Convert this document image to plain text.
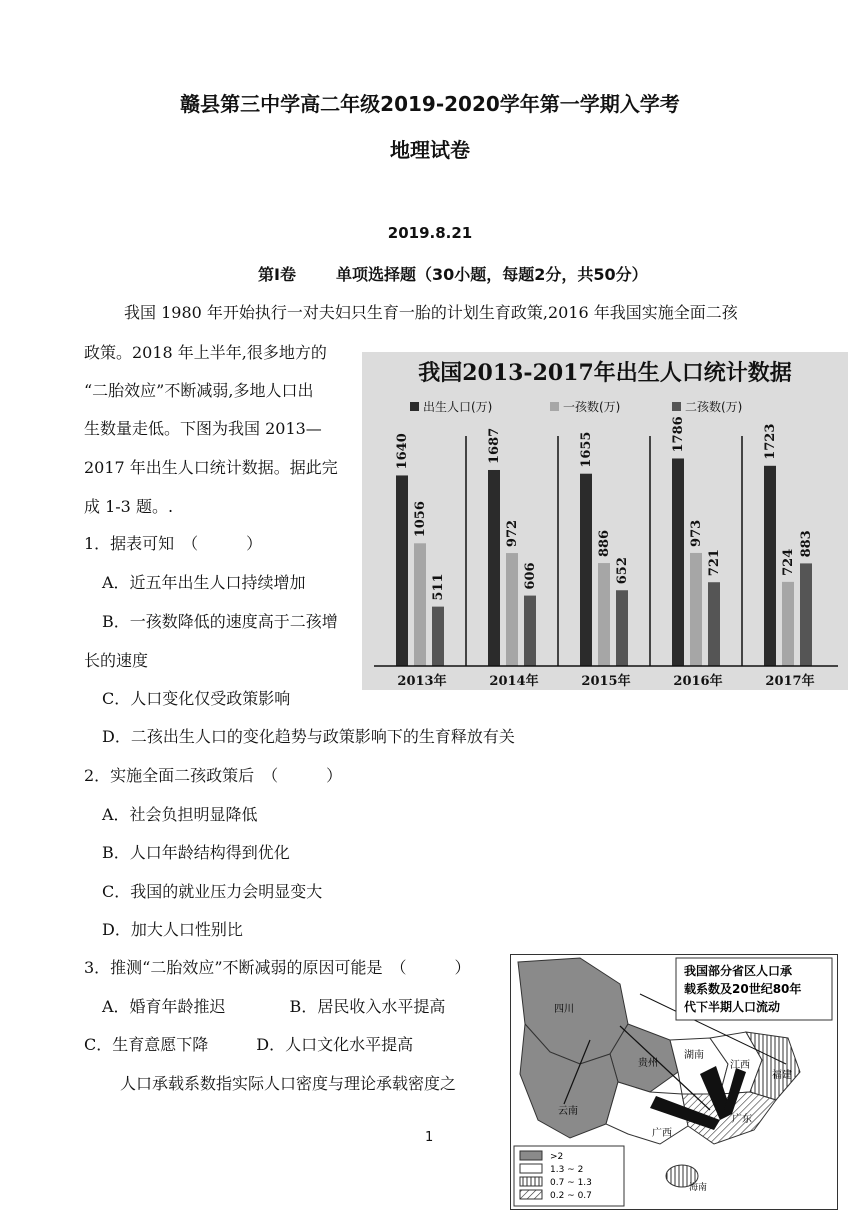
赣县第三中学高二年级2019-2020学年第一学期入学考
地理试卷
2019.8.21
第Ⅰ卷	单项选择题（30小题，每题2分，共50分）
我国 1980 年开始执行一对夫妇只生育一胎的计划生育政策,2016 年我国实施全面二孩
政策。2018 年上半年,很多地方的
“二胎效应”不断减弱,多地人口出
生数量走低。下图为我国 2013—
2017 年出生人口统计数据。据此完
成 1-3 题。.
1．据表可知　（　　　）
A．近五年出生人口持续增加
B．一孩数降低的速度高于二孩增
长的速度
C．人口变化仅受政策影响
D．二孩出生人口的变化趋势与政策影响下的生育释放有关
2．实施全面二孩政策后　（　　　）
A．社会负担明显降低
B．人口年龄结构得到优化
C．我国的就业压力会明显变大
D．加大人口性别比
3．推测“二胎效应”不断减弱的原因可能是　（　　　）
A．婚育年龄推迟　　　　B．居民收入水平提高
C．生育意愿下降　　　D．人口文化水平提高
人口承载系数指实际人口密度与理论承载密度之
1
我国2013-2017年出生人口统计数据
出生人口(万)	一孩数(万)	二孩数(万)
1640
1056
511
2013年
1687
972
606
2014年
1655
886
652
2015年
1786
973
721
2016年
1723
724
883
2017年
四川
贵州
云南
湖南
江西
福建
广西
广东
海南
我国部分省区人口承
载系数及20世纪80年
代下半期人口流动
>2
1.3 ~ 2
0.7 ~ 1.3
0.2 ~ 0.7
